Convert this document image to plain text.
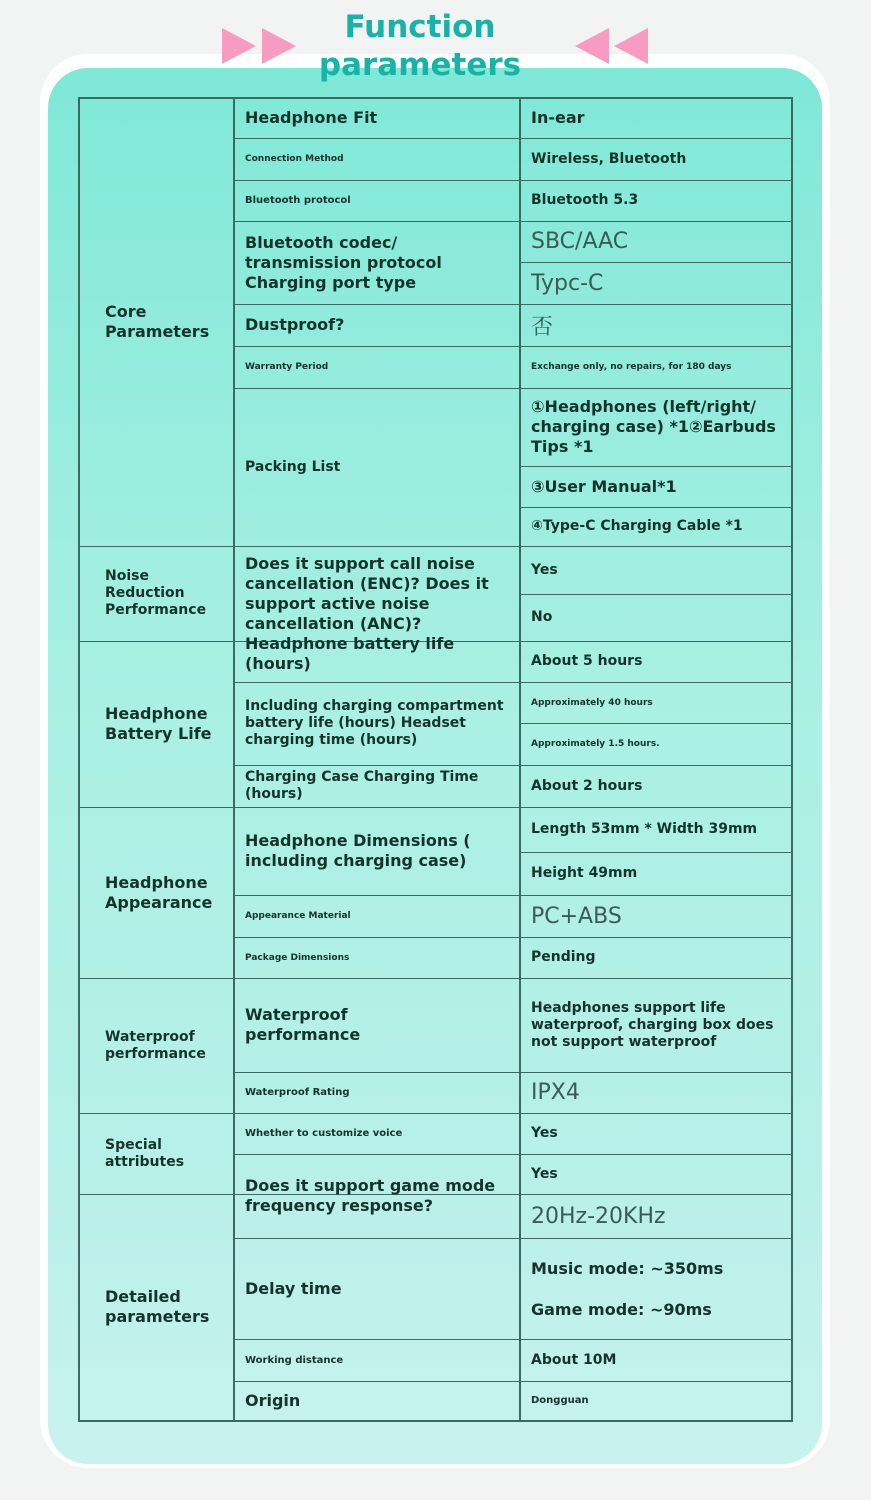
Function
parameters
Core
Parameters
Noise Reduction
Performance
Headphone
Battery Life
Headphone
Appearance
Waterproof
performance
Special attributes
Detailed
parameters
Headphone Fit
Connection Method
Bluetooth protocol
Bluetooth codec/
transmission protocol
Charging port type
Dustproof?
Warranty Period
Packing List
Does it support call noise cancellation (ENC)? Does it support active noise cancellation (ANC)? Headphone battery life (hours)
Including charging compartment battery life (hours) Headset charging time (hours)
Charging Case Charging Time (hours)
Headphone Dimensions ( including charging case)
Appearance Material
Package Dimensions
Waterproof
performance
Waterproof Rating
Whether to customize voice
Does it support game mode frequency response?
Delay time
Working distance
Origin
In-ear
Wireless, Bluetooth
Bluetooth 5.3
SBC/AAC
Typc-C
否
Exchange only, no repairs, for 180 days
①Headphones (left/right/ charging case) *1②Earbuds Tips *1
③User Manual*1
④Type-C Charging Cable *1
Yes
No
About 5 hours
Approximately 40 hours
Approximately 1.5 hours.
About 2 hours
Length 53mm * Width 39mm
Height 49mm
PC+ABS
Pending
Headphones support life waterproof, charging box does not support waterproof
IPX4
Yes
Yes
20Hz-20KHz
Music mode: ~350ms
Game mode: ~90ms
About 10M
Dongguan
